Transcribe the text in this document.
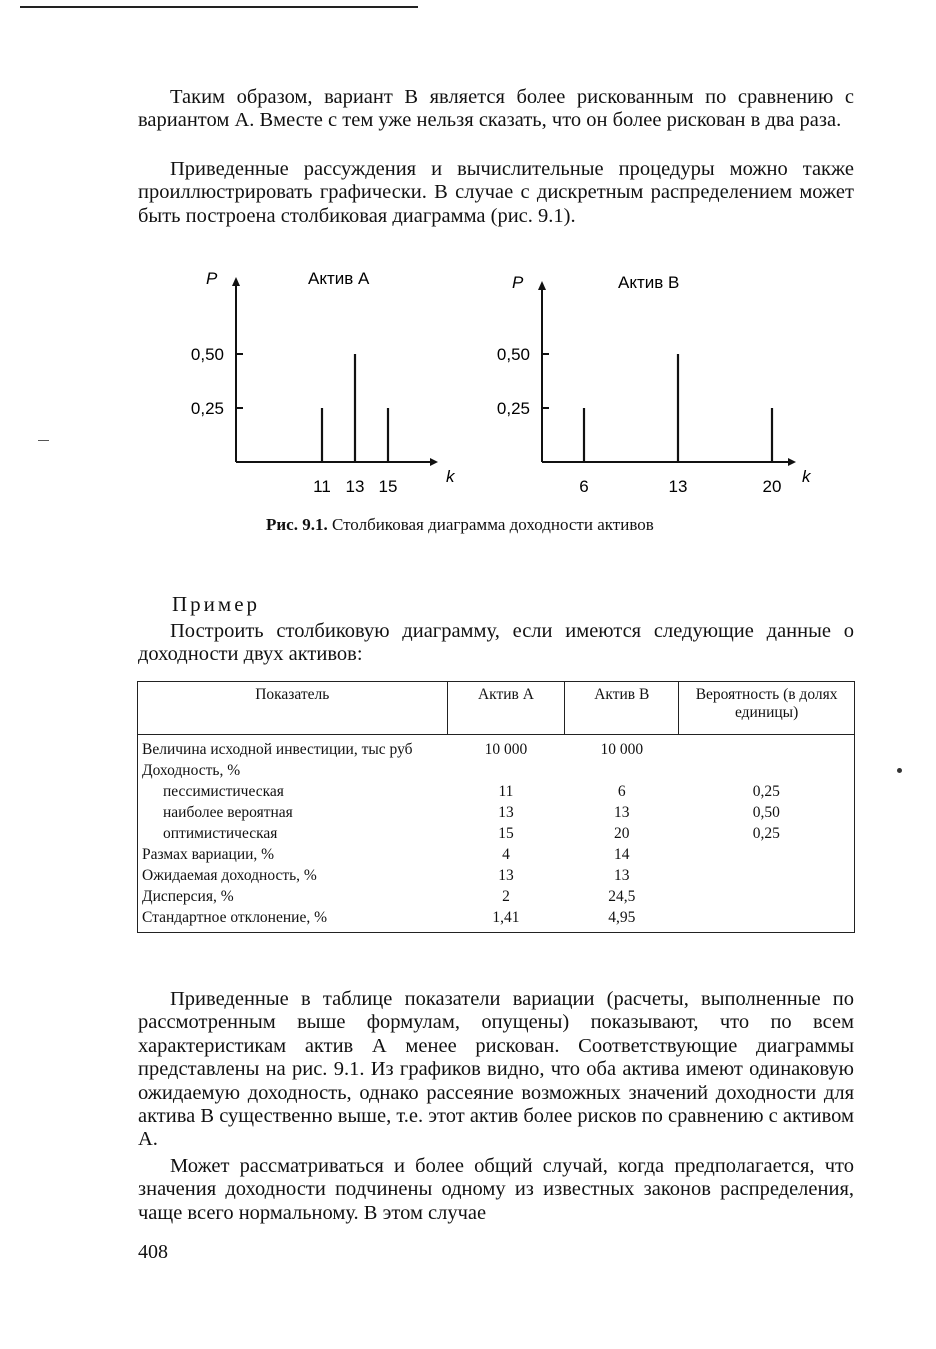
Таким образом, вариант В является более рискованным по сравнению с вариантом А. Вместе с тем уже нельзя сказать, что он более рискован в два раза.

Приведенные рассуждения и вычислительные процедуры можно также проиллюстрировать графически. В случае с дискретным распределением может быть построена столбиковая диаграмма (рис. 9.1).

P	Актив А
k
0,50
0,25
11 13 15
P	Актив В
k
0,50
0,25
6	13	20
Рис. 9.1. Столбиковая диаграмма доходности активов
Пример
Построить столбиковую диаграмму, если имеются следующие данные о доходности двух активов:
Показатель	Актив А	Актив В	Вероятность (в долях единицы)
Величина исходной инвестиции, тыс руб	10 000	10 000	
Доходность, %			
пессимистическая	11	6	0,25
наиболее вероятная	13	13	0,50
оптимистическая	15	20	0,25
Размах вариации, %	4	14	
Ожидаемая доходность, %	13	13	
Дисперсия, %	2	24,5	
Стандартное отклонение, %	1,41	4,95	

Приведенные в таблице показатели вариации (расчеты, выполненные по рассмотренным выше формулам, опущены) показывают, что по всем характеристикам актив А менее рискован. Соответствующие диаграммы представлены на рис. 9.1. Из графиков видно, что оба актива имеют одинаковую ожидаемую доходность, однако рассеяние возможных значений доходности для актива В существенно выше, т.е. этот актив более рисков по сравнению с активом А.

Может рассматриваться и более общий случай, когда предполагается, что значения доходности подчинены одному из известных законов распределения, чаще всего нормальному. В этом случае

408
